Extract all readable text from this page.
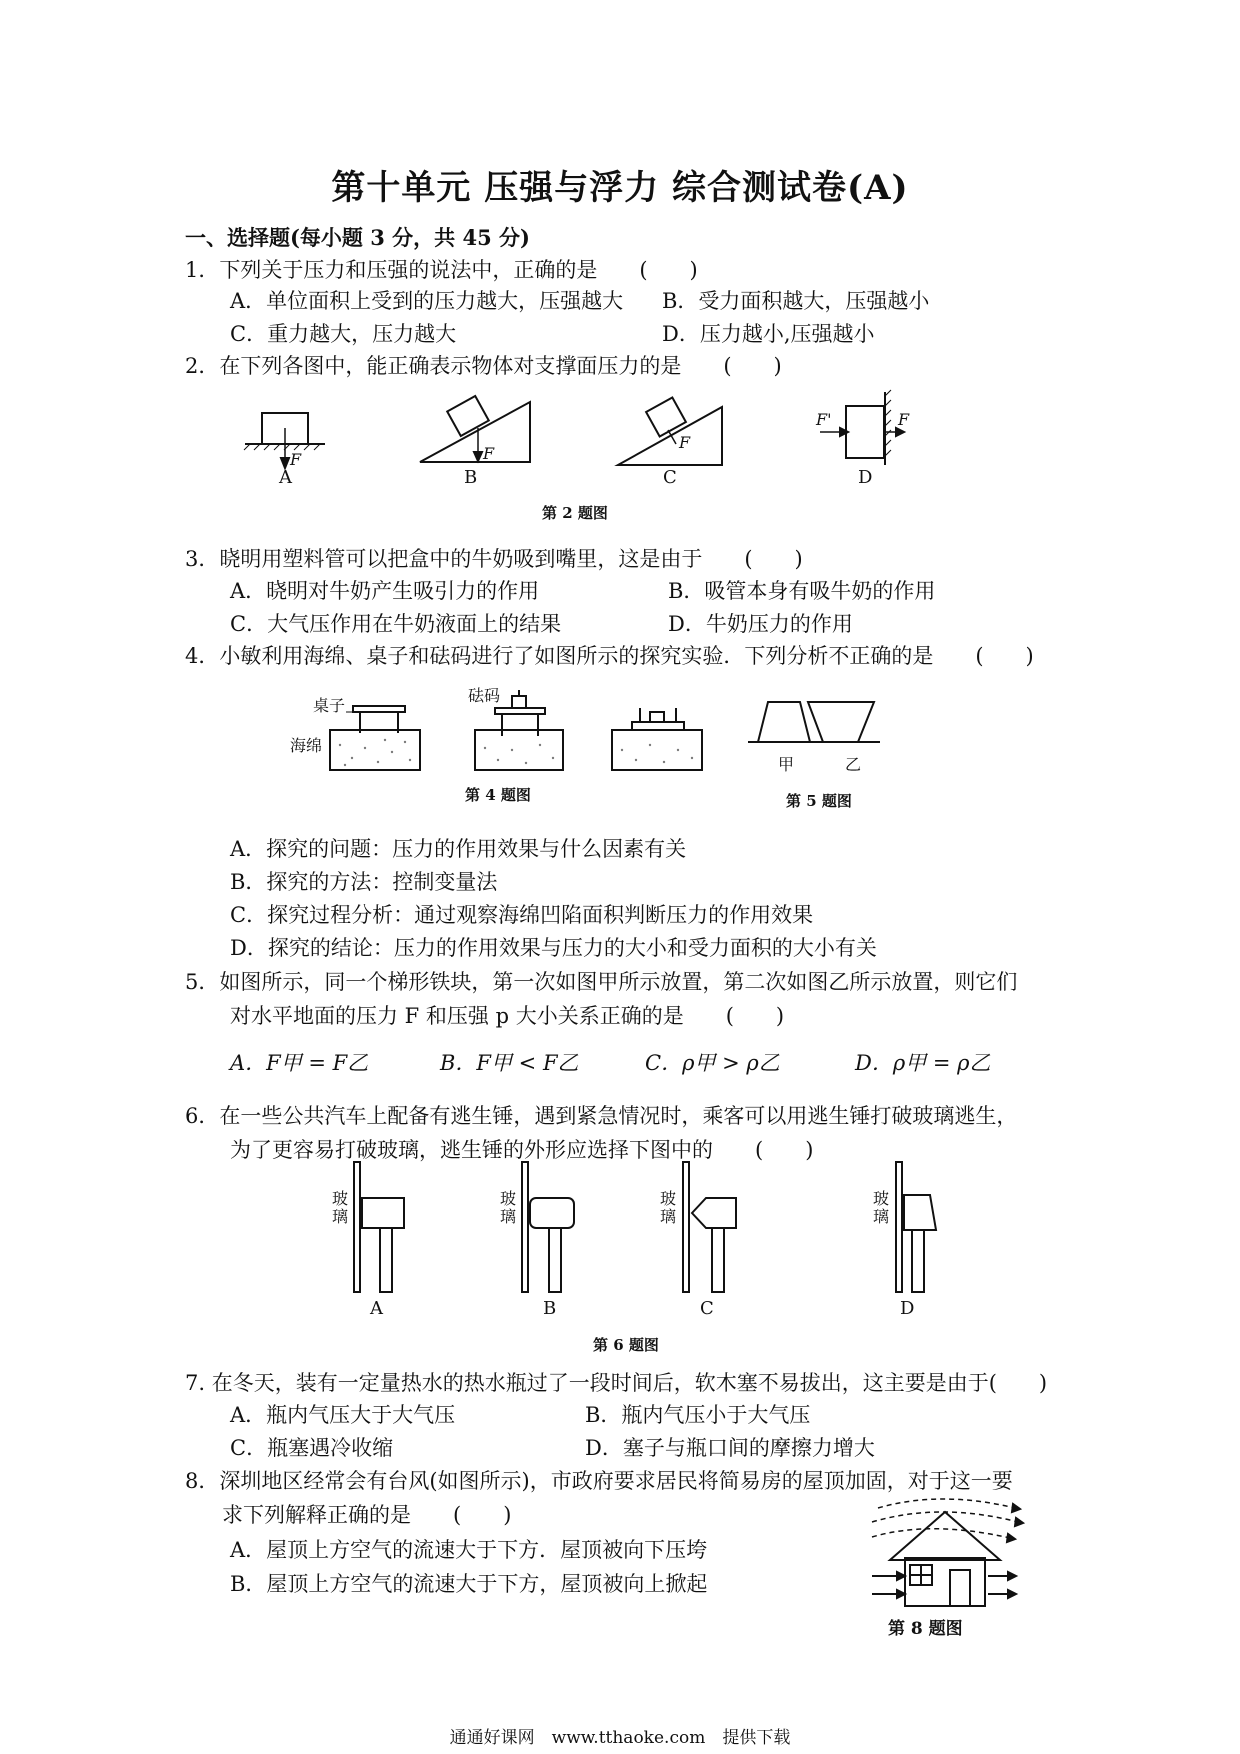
第十单元 压强与浮力 综合测试卷(A)
一、选择题(每小题 3 分，共 45 分)
1．下列关于压力和压强的说法中，正确的是　　(　　)
A．单位面积上受到的压力越大，压强越大 B．受力面积越大，压强越小
C．重力越大，压力越大	D．压力越小,压强越小
2．在下列各图中，能正确表示物体对支撑面压力的是　　(　　)
F	F
F
F'	F
A	B	C	D
第 2 题图
3．晓明用塑料管可以把盒中的牛奶吸到嘴里，这是由于　　(　　)
A．晓明对牛奶产生吸引力的作用	B．吸管本身有吸牛奶的作用
C．大气压作用在牛奶液面上的结果	D．牛奶压力的作用
4．小敏利用海绵、桌子和砝码进行了如图所示的探究实验．下列分析不正确的是　　(　　)
桌子
海绵
砝码
第 4 题图
甲	乙
第 5 题图
A．探究的问题：压力的作用效果与什么因素有关
B．探究的方法：控制变量法
C．探究过程分析：通过观察海绵凹陷面积判断压力的作用效果
D．探究的结论：压力的作用效果与压力的大小和受力面积的大小有关
5．如图所示，同一个梯形铁块，第一次如图甲所示放置，第二次如图乙所示放置，则它们
对水平地面的压力 F 和压强 p 大小关系正确的是　　(　　)
A．F甲 = F乙	B．F甲 < F乙	C．ρ甲 > ρ乙	D．ρ甲 = ρ乙
6．在一些公共汽车上配备有逃生锤，遇到紧急情况时，乘客可以用逃生锤打破玻璃逃生，
为了更容易打破玻璃，逃生锤的外形应选择下图中的　　(　　)
玻
璃
玻
璃
玻
璃
玻
璃
A	B	C	D
第 6 题图
7. 在冬天，装有一定量热水的热水瓶过了一段时间后，软木塞不易拔出，这主要是由于(　　)
A．瓶内气压大于大气压	B．瓶内气压小于大气压
C．瓶塞遇冷收缩	D．塞子与瓶口间的摩擦力增大
8．深圳地区经常会有台风(如图所示)，市政府要求居民将简易房的屋顶加固，对于这一要
求下列解释正确的是　　(　　)
A．屋顶上方空气的流速大于下方．屋顶被向下压垮
B．屋顶上方空气的流速大于下方，屋顶被向上掀起
第 8 题图
通通好课网　www.tthaoke.com　提供下载
